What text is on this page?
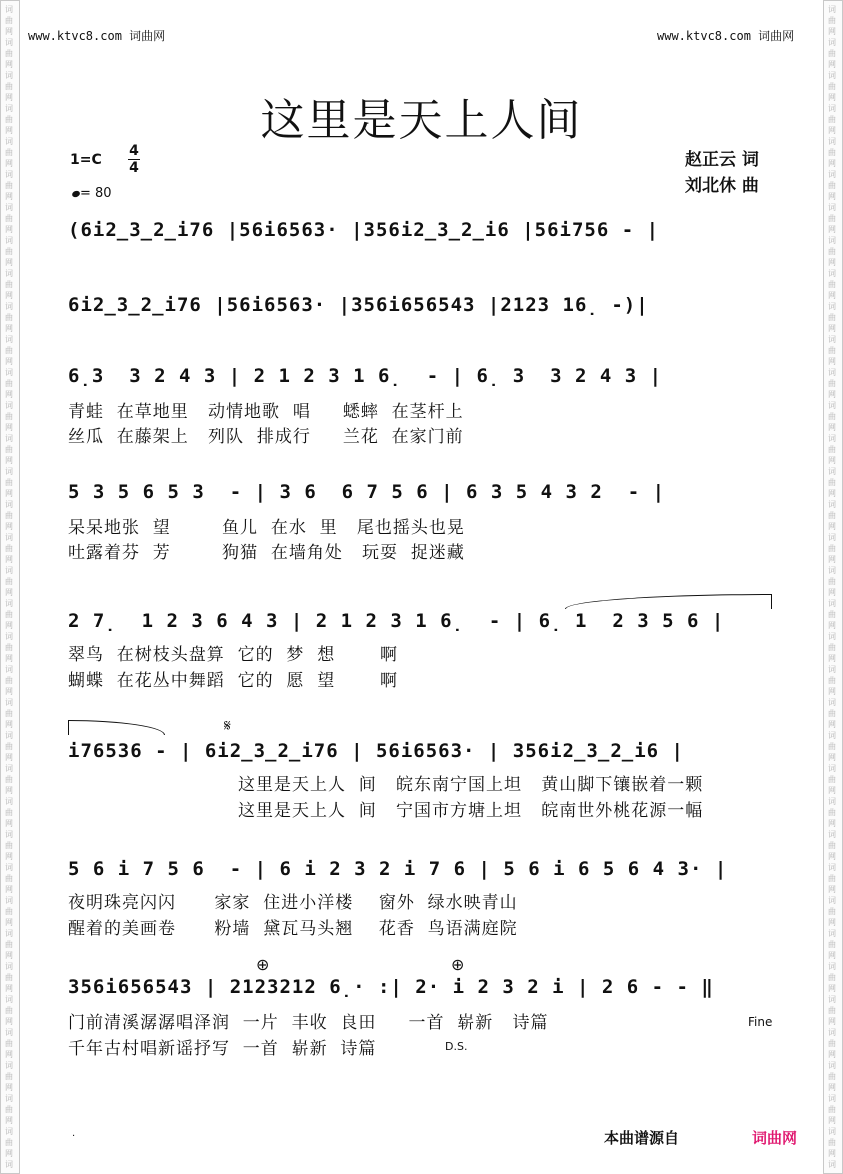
词
曲
网
词
曲
网
词
曲
网
词
曲
网
词
曲
网
词
曲
网
词
曲
网
词
曲
网
词
曲
网
词
曲
网
词
曲
网
词
曲
网
词
曲
网
词
曲
网
词
曲
网
词
曲
网
词
曲
网
词
曲
网
词
曲
网
词
曲
网
词
曲
网
词
曲
网
词
曲
网
词
曲
网
词
曲
网
词
曲
网
词
曲
网
词
曲
网
词
曲
网
词
曲
网
词
曲
网
词
曲
网
词
曲
网
词
曲
网
词
曲
网
词
词
曲
网
词
曲
网
词
曲
网
词
曲
网
词
曲
网
词
曲
网
词
曲
网
词
曲
网
词
曲
网
词
曲
网
词
曲
网
词
曲
网
词
曲
网
词
曲
网
词
曲
网
词
曲
网
词
曲
网
词
曲
网
词
曲
网
词
曲
网
词
曲
网
词
曲
网
词
曲
网
词
曲
网
词
曲
网
词
曲
网
词
曲
网
词
曲
网
词
曲
网
词
曲
网
词
曲
网
词
曲
网
词
曲
网
词
曲
网
词
曲
网
词
www.ktvc8.com 词曲网	www.ktvc8.com 词曲网
这里是天上人间
赵正云 词
刘北休 曲
1=C
4
4
= 80
(6i2̲3̲2̲i76 |56i6563· |356i2̲3̲2̲i6 |56i756 - |
6i2̲3̲2̲i76 |56i6563· |356i656543 |2123 16̣ -)|
6̣3  3 2 4 3 | 2 1 2 3 1 6̣  - | 6̣ 3  3 2 4 3 |
青蛙  在草地里   动情地歌  唱     蟋蟀  在茎杆上
丝瓜  在藤架上   列队  排成行     兰花  在家门前
5 3 5 6 5 3  - | 3 6  6 7 5 6 | 6 3 5 4 3 2  - |
呆呆地张  望        鱼儿  在水  里   尾也摇头也晃
吐露着芬  芳        狗猫  在墙角处   玩耍  捉迷藏
2 7̣  1 2 3 6 4 3 | 2 1 2 3 1 6̣  - | 6̣ 1  2 3 5 6 |
翠鸟  在树枝头盘算  它的  梦  想       啊
蝴蝶  在花丛中舞蹈  它的  愿  望       啊
𝄋
i76536 - | 6i2̲3̲2̲i76 | 56i6563· | 356i2̲3̲2̲i6 |
这里是天上人  间   皖东南宁国上坦   黄山脚下镶嵌着一颗
这里是天上人  间   宁国市方塘上坦   皖南世外桃花源一幅
5 6 i 7 5 6  - | 6 i 2 3 2 i 7 6 | 5 6 i 6 5 6 4 3· |
夜明珠亮闪闪      家家  住进小洋楼    窗外  绿水映青山
醒着的美画卷      粉墙  黛瓦马头翘    花香  鸟语满庭院
⊕	⊕
356i656543 | 2123212 6̣· :| 2· i 2 3 2 i | 2 6 - - ‖
门前清溪潺潺唱泽润  一片  丰收  良田     一首  崭新   诗篇
千年古村唱新谣抒写  一首  崭新  诗篇
Fine
D.S.
.	本曲谱源自	词曲网
